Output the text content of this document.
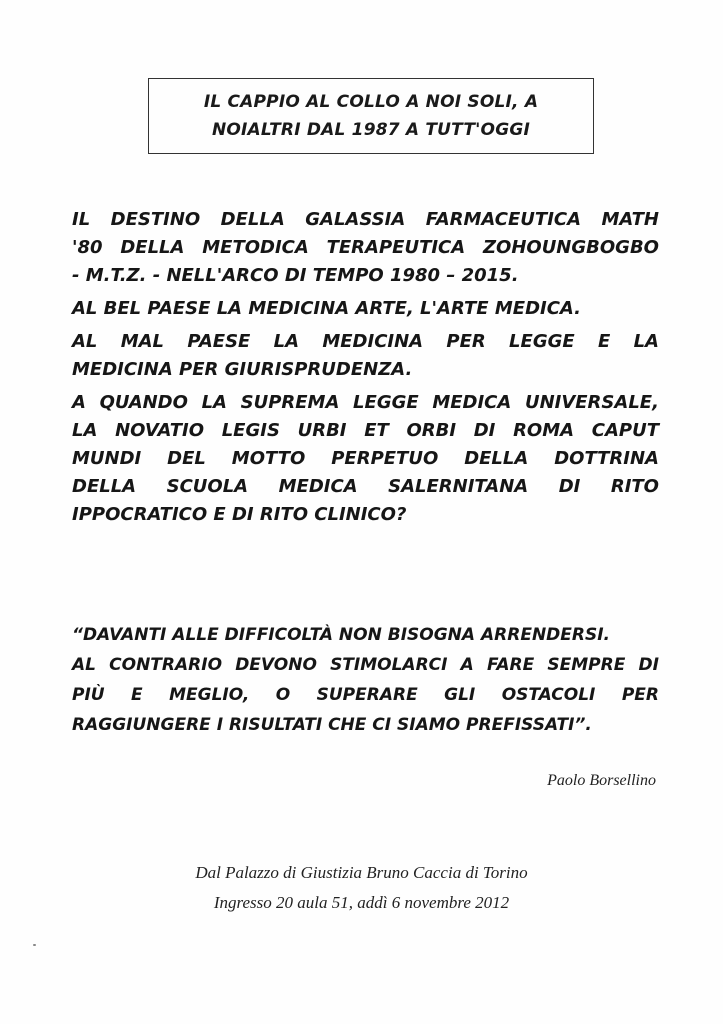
IL CAPPIO AL COLLO A NOI SOLI, A
NOIALTRI DAL 1987 A TUTT'OGGI
IL DESTINO DELLA GALASSIA FARMACEUTICA MATH
'80 DELLA METODICA TERAPEUTICA ZOHOUNGBOGBO
- M.T.Z. - NELL'ARCO DI TEMPO 1980 – 2015.
AL BEL PAESE LA MEDICINA ARTE, L'ARTE MEDICA.
AL MAL PAESE LA MEDICINA PER LEGGE E LA
MEDICINA PER GIURISPRUDENZA.
A QUANDO LA SUPREMA LEGGE MEDICA UNIVERSALE,
LA NOVATIO LEGIS URBI ET ORBI DI ROMA CAPUT
MUNDI DEL MOTTO PERPETUO DELLA DOTTRINA
DELLA SCUOLA MEDICA SALERNITANA DI RITO
IPPOCRATICO E DI RITO CLINICO?
“DAVANTI ALLE DIFFICOLTÀ NON BISOGNA ARRENDERSI.
AL CONTRARIO DEVONO STIMOLARCI A FARE SEMPRE DI
PIÙ E MEGLIO, O SUPERARE GLI OSTACOLI PER
RAGGIUNGERE I RISULTATI CHE CI SIAMO PREFISSATI”.
Paolo Borsellino
Dal Palazzo di Giustizia Bruno Caccia di Torino
Ingresso 20 aula 51, addì 6 novembre 2012
